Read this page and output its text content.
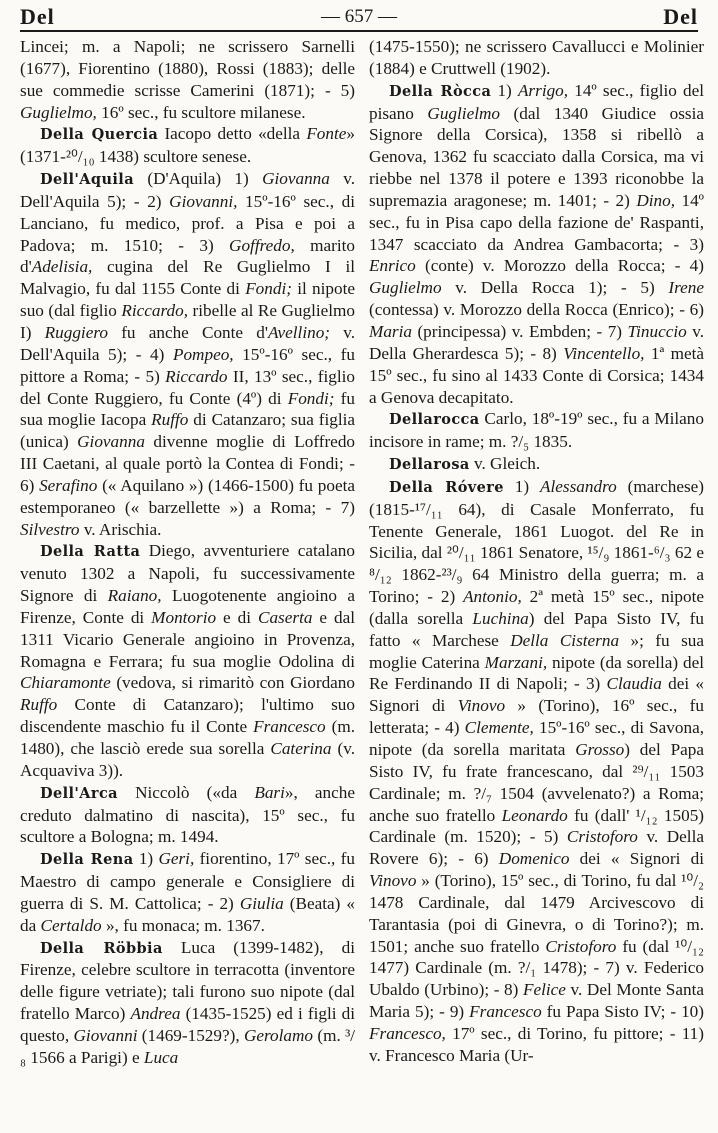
Del	— 657 —	Del

Lincei; m. a Napoli; ne scrissero Sarnelli (1677), Fiorentino (1880), Rossi (1883); delle sue commedie scrisse Camerini (1871); - 5) Guglielmo, 16º sec., fu scultore milanese.

Della Quercia Iacopo detto «della Fonte» (1371-²⁰/₁₀ 1438) scultore senese.

Dell'Aquila (D'Aquila) 1) Giovanna v. Dell'Aquila 5); - 2) Giovanni, 15º-16º sec., di Lanciano, fu medico, prof. a Pisa e poi a Padova; m. 1510; - 3) Goffredo, marito d'Adelisia, cugina del Re Guglielmo I il Malvagio, fu dal 1155 Conte di Fondi; il nipote suo (dal figlio Riccardo, ribelle al Re Guglielmo I) Ruggiero fu anche Conte d'Avellino; v. Dell'Aquila 5); - 4) Pompeo, 15º-16º sec., fu pittore a Roma; - 5) Riccardo II, 13º sec., figlio del Conte Ruggiero, fu Conte (4º) di Fondi; fu sua moglie Iacopa Ruffo di Catanzaro; sua figlia (unica) Giovanna divenne moglie di Loffredo III Caetani, al quale portò la Contea di Fondi; - 6) Serafino (« Aquilano ») (1466-1500) fu poeta estemporaneo (« barzellette ») a Roma; - 7) Silvestro v. Arischia.

Della Ratta Diego, avventuriere catalano venuto 1302 a Napoli, fu successivamente Signore di Raiano, Luogotenente angioino a Firenze, Conte di Montorio e di Caserta e dal 1311 Vicario Generale angioino in Provenza, Romagna e Ferrara; fu sua moglie Odolina di Chiaramonte (vedova, si rimaritò con Giordano Ruffo Conte di Catanzaro); l'ultimo suo discendente maschio fu il Conte Francesco (m. 1480), che lasciò erede sua sorella Caterina (v. Acquaviva 3)).

Dell'Arca Niccolò («da Bari», anche creduto dalmatino di nascita), 15º sec., fu scultore a Bologna; m. 1494.

Della Rena 1) Geri, fiorentino, 17º sec., fu Maestro di campo generale e Consigliere di guerra di S. M. Cattolica; - 2) Giulia (Beata) « da Certaldo », fu monaca; m. 1367.

Della Röbbia Luca (1399-1482), di Firenze, celebre scultore in terracotta (inventore delle figure vetriate); tali furono suo nipote (dal fratello Marco) Andrea (1435-1525) ed i figli di questo, Giovanni (1469-1529?), Gerolamo (m. ³/₈ 1566 a Parigi) e Luca

(1475-1550); ne scrissero Cavallucci e Molinier (1884) e Cruttwell (1902).

Della Ròcca 1) Arrigo, 14º sec., figlio del pisano Guglielmo (dal 1340 Giudice ossia Signore della Corsica), 1358 si ribellò a Genova, 1362 fu scacciato dalla Corsica, ma vi riebbe nel 1378 il potere e 1393 riconobbe la supremazia aragonese; m. 1401; - 2) Dino, 14º sec., fu in Pisa capo della fazione de' Raspanti, 1347 scacciato da Andrea Gambacorta; - 3) Enrico (conte) v. Morozzo della Rocca; - 4) Guglielmo v. Della Rocca 1); - 5) Irene (contessa) v. Morozzo della Rocca (Enrico); - 6) Maria (principessa) v. Embden; - 7) Tinuccio v. Della Gherardesca 5); - 8) Vincentello, 1ª metà 15º sec., fu sino al 1433 Conte di Corsica; 1434 a Genova decapitato.

Dellarocca Carlo, 18º-19º sec., fu a Milano incisore in rame; m. ?/₅ 1835.

Dellarosa v. Gleich.

Della Róvere 1) Alessandro (marchese) (1815-¹⁷/₁₁ 64), di Casale Monferrato, fu Tenente Generale, 1861 Luogot. del Re in Sicilia, dal ²⁰/₁₁ 1861 Senatore, ¹⁵/₉ 1861-⁶/₃ 62 e ⁸/₁₂ 1862-²³/₉ 64 Ministro della guerra; m. a Torino; - 2) Antonio, 2ª metà 15º sec., nipote (dalla sorella Luchina) del Papa Sisto IV, fu fatto « Marchese Della Cisterna »; fu sua moglie Caterina Marzani, nipote (da sorella) del Re Ferdinando II di Napoli; - 3) Claudia dei « Signori di Vinovo » (Torino), 16º sec., fu letterata; - 4) Clemente, 15º-16º sec., di Savona, nipote (da sorella maritata Grosso) del Papa Sisto IV, fu frate francescano, dal ²⁹/₁₁ 1503 Cardinale; m. ?/₇ 1504 (avvelenato?) a Roma; anche suo fratello Leonardo fu (dall' ¹/₁₂ 1505) Cardinale (m. 1520); - 5) Cristoforo v. Della Rovere 6); - 6) Domenico dei « Signori di Vinovo » (Torino), 15º sec., di Torino, fu dal ¹⁰/₂ 1478 Cardinale, dal 1479 Arcivescovo di Tarantasia (poi di Ginevra, o di Torino?); m. 1501; anche suo fratello Cristoforo fu (dal ¹⁰/₁₂ 1477) Cardinale (m. ?/₁ 1478); - 7) v. Federico Ubaldo (Urbino); - 8) Felice v. Del Monte Santa Maria 5); - 9) Francesco fu Papa Sisto IV; - 10) Francesco, 17º sec., di Torino, fu pittore; - 11) v. Francesco Maria (Ur-
